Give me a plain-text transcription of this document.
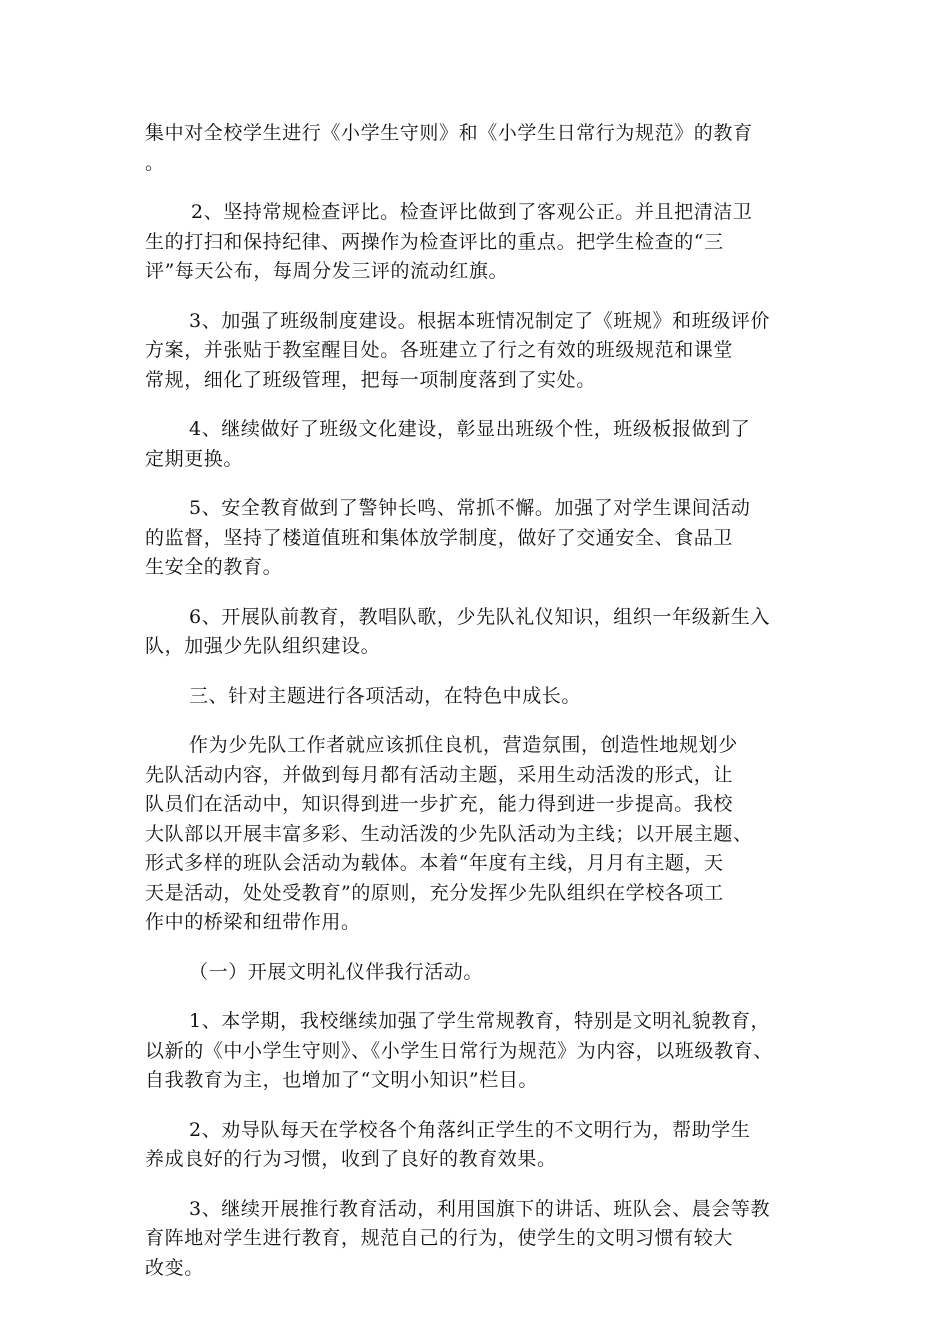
集中对全校学生进行《小学生守则》和《小学生日常行为规范》的教育
。

2、坚持常规检查评比。检查评比做到了客观公正。并且把清洁卫
生的打扫和保持纪律、两操作为检查评比的重点。把学生检查的“三
评”每天公布，每周分发三评的流动红旗。

3、加强了班级制度建设。根据本班情况制定了《班规》和班级评价
方案，并张贴于教室醒目处。各班建立了行之有效的班级规范和课堂
常规，细化了班级管理，把每一项制度落到了实处。

4、继续做好了班级文化建设，彰显出班级个性，班级板报做到了
定期更换。

5、安全教育做到了警钟长鸣、常抓不懈。加强了对学生课间活动
的监督，坚持了楼道值班和集体放学制度，做好了交通安全、食品卫
生安全的教育。

6、开展队前教育，教唱队歌，少先队礼仪知识，组织一年级新生入
队，加强少先队组织建设。

三、针对主题进行各项活动，在特色中成长。

作为少先队工作者就应该抓住良机，营造氛围，创造性地规划少
先队活动内容，并做到每月都有活动主题，采用生动活泼的形式，让
队员们在活动中，知识得到进一步扩充，能力得到进一步提高。我校
大队部以开展丰富多彩、生动活泼的少先队活动为主线；以开展主题、
形式多样的班队会活动为载体。本着“年度有主线，月月有主题，天
天是活动，处处受教育”的原则，充分发挥少先队组织在学校各项工
作中的桥梁和纽带作用。

（一）开展文明礼仪伴我行活动。

1、本学期，我校继续加强了学生常规教育，特别是文明礼貌教育，
以新的《中小学生守则》、《小学生日常行为规范》为内容，以班级教育、
自我教育为主，也增加了“文明小知识”栏目。

2、劝导队每天在学校各个角落纠正学生的不文明行为，帮助学生
养成良好的行为习惯，收到了良好的教育效果。

3、继续开展推行教育活动，利用国旗下的讲话、班队会、晨会等教
育阵地对学生进行教育，规范自己的行为，使学生的文明习惯有较大
改变。
